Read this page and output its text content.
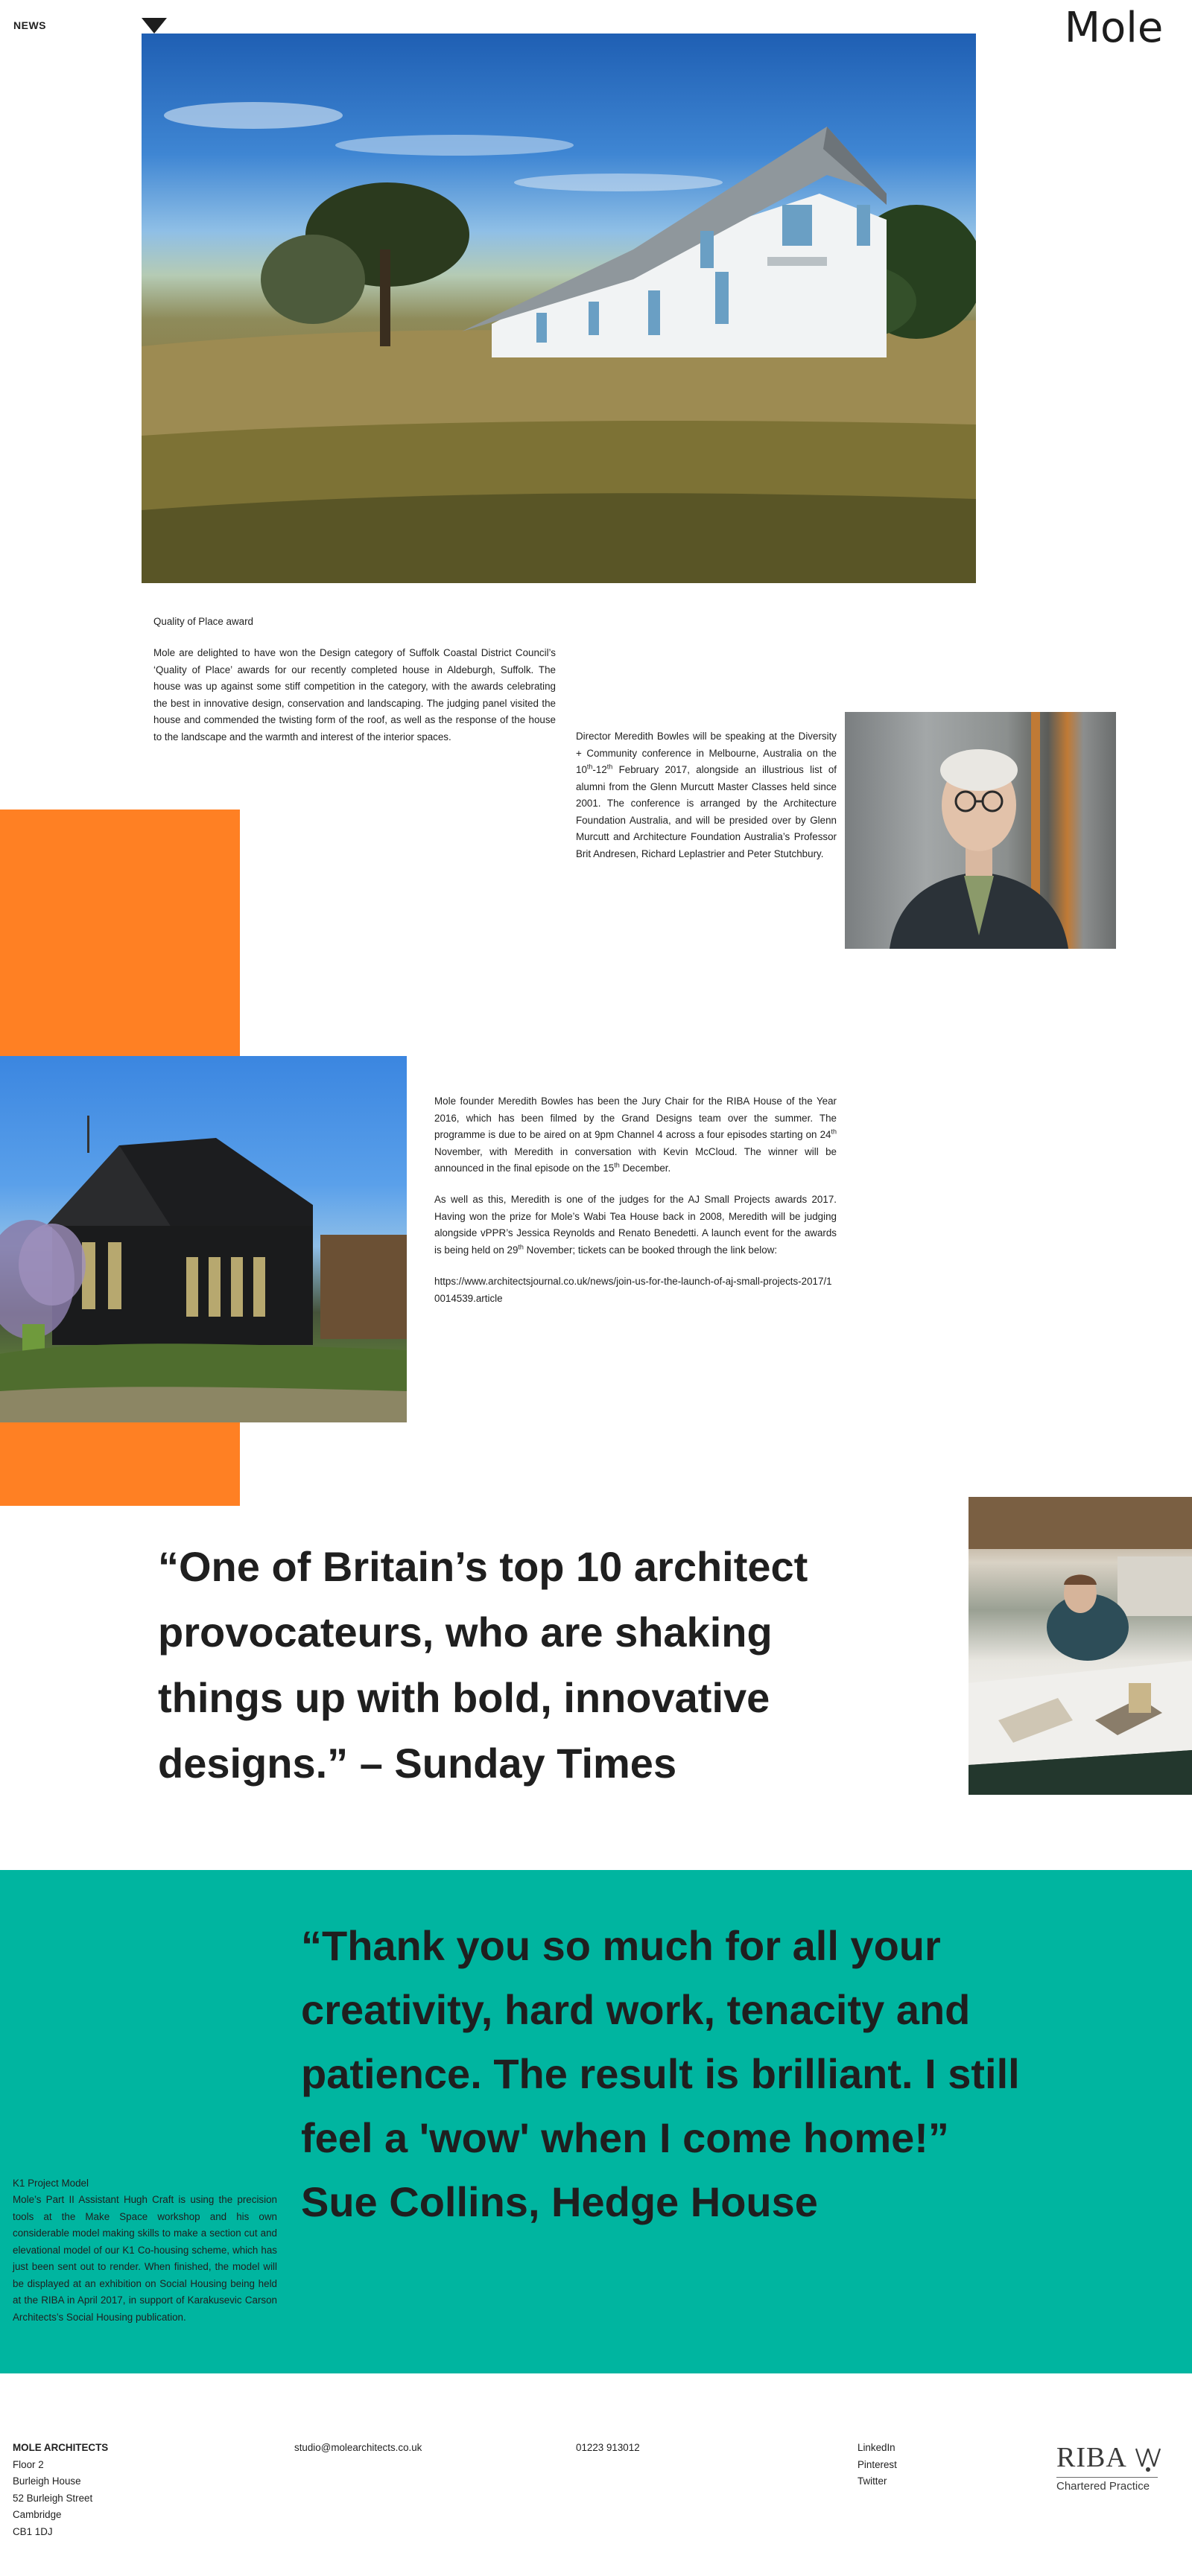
NEWS	Mole

Quality of Place award

Mole are delighted to have won the Design category of Suffolk Coastal District Council’s ‘Quality of Place’ awards for our recently completed house in Aldeburgh, Suffolk. The house was up against some stiff competition in the category, with the awards celebrating the best in innovative design, conservation and landscaping. The judging panel visited the house and commended the twisting form of the roof, as well as the response of the house to the landscape and the warmth and interest of the interior spaces.	Director Meredith Bowles will be speaking at the Diversity + Community conference in Melbourne, Australia on the 10th-12th February 2017, alongside an illustrious list of alumni from the Glenn Murcutt Master Classes held since 2001. The conference is arranged by the Architecture Foundation Australia, and will be presided over by Glenn Murcutt and Architecture Foundation Australia’s Professor Brit Andresen, Richard Leplastrier and Peter Stutchbury.

Mole founder Meredith Bowles has been the Jury Chair for the RIBA House of the Year 2016, which has been filmed by the Grand Designs team over the summer. The programme is due to be aired on at 9pm Channel 4 across a four episodes starting on 24th November, with Meredith in conversation with Kevin McCloud. The winner will be announced in the final episode on the 15th December.

As well as this, Meredith is one of the judges for the AJ Small Projects awards 2017. Having won the prize for Mole’s Wabi Tea House back in 2008, Meredith will be judging alongside vPPR’s Jessica Reynolds and Renato Benedetti. A launch event for the awards is being held on 29th November; tickets can be booked through the link below:

https://www.architectsjournal.co.uk/news/join-us-for-the-launch-of-aj-small-projects-2017/10014539.article

“One of Britain’s top 10 architect provocateurs, who are shaking things up with bold, innovative designs.” – Sunday Times

“Thank you so much for all your creativity, hard work, tenacity and patience. The result is brilliant. I still feel a 'wow' when I come home!”
Sue Collins, Hedge House

K1 Project Model

Mole’s Part II Assistant Hugh Craft is using the precision tools at the Make Space workshop and his own considerable model making skills to make a section cut and elevational model of our K1 Co-housing scheme, which has just been sent out to render. When finished, the model will be displayed at an exhibition on Social Housing being held at the RIBA in April 2017, in support of Karakusevic Carson Architects’s Social Housing publication.

MOLE ARCHITECTS

Floor 2

Burleigh House

52 Burleigh Street

Cambridge

CB1 1DJ

studio@molearchitects.co.uk	01223 913012	LinkedIn
Pinterest
Twitter
RIBA
Chartered Practice
